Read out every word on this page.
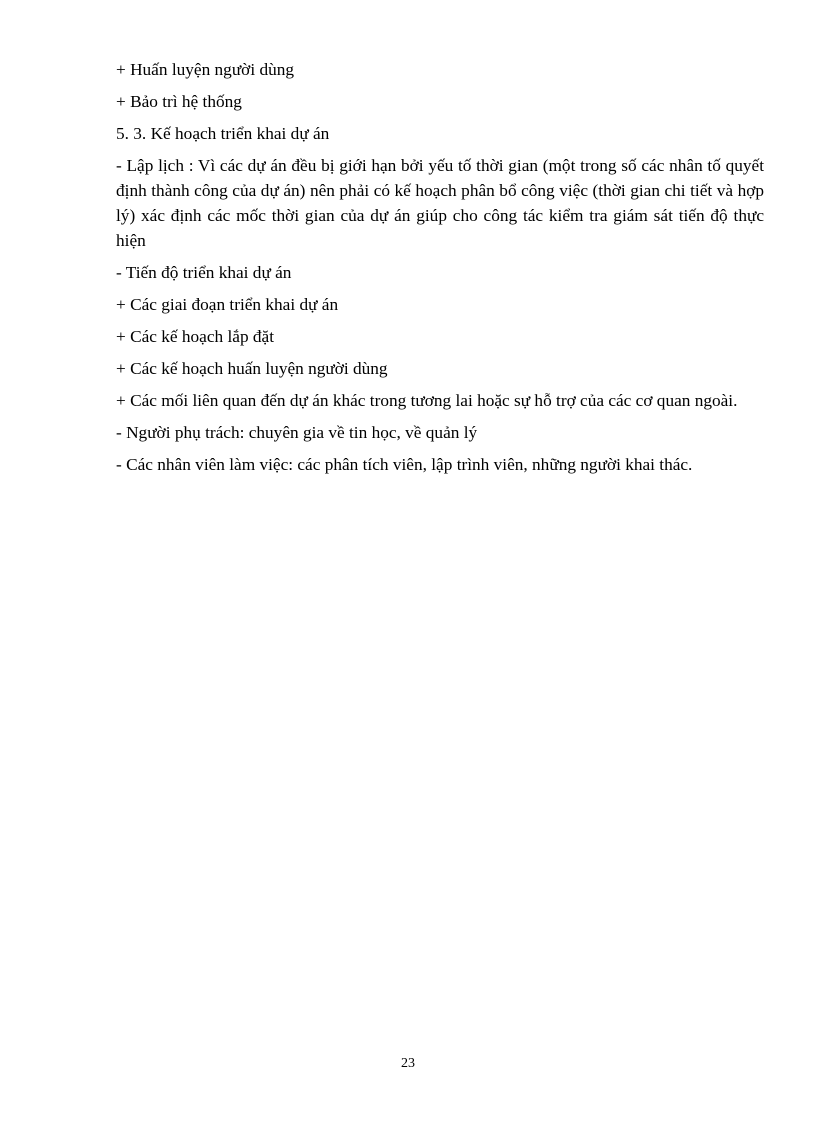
+ Huấn luyện người dùng

+ Bảo trì hệ thống

5. 3. Kế hoạch triển khai dự án

- Lập lịch : Vì các dự án đều bị giới hạn bởi yếu tố thời gian (một trong số các nhân tố quyết định thành công của dự án) nên phải có kế hoạch phân bổ công việc (thời gian chi tiết và hợp lý) xác định các mốc thời gian của dự án giúp cho công tác kiểm tra giám sát tiến độ thực hiện

- Tiến độ triển khai dự án

+ Các giai đoạn triển khai dự án

+ Các kế hoạch lắp đặt

+ Các kế hoạch huấn luyện người dùng

+ Các mối liên quan đến dự án khác trong tương lai hoặc sự hỗ trợ của các cơ quan ngoài.

- Người phụ trách: chuyên gia về tin học, về quản lý

- Các nhân viên làm việc: các phân tích viên, lập trình viên, những người khai thác.

23
